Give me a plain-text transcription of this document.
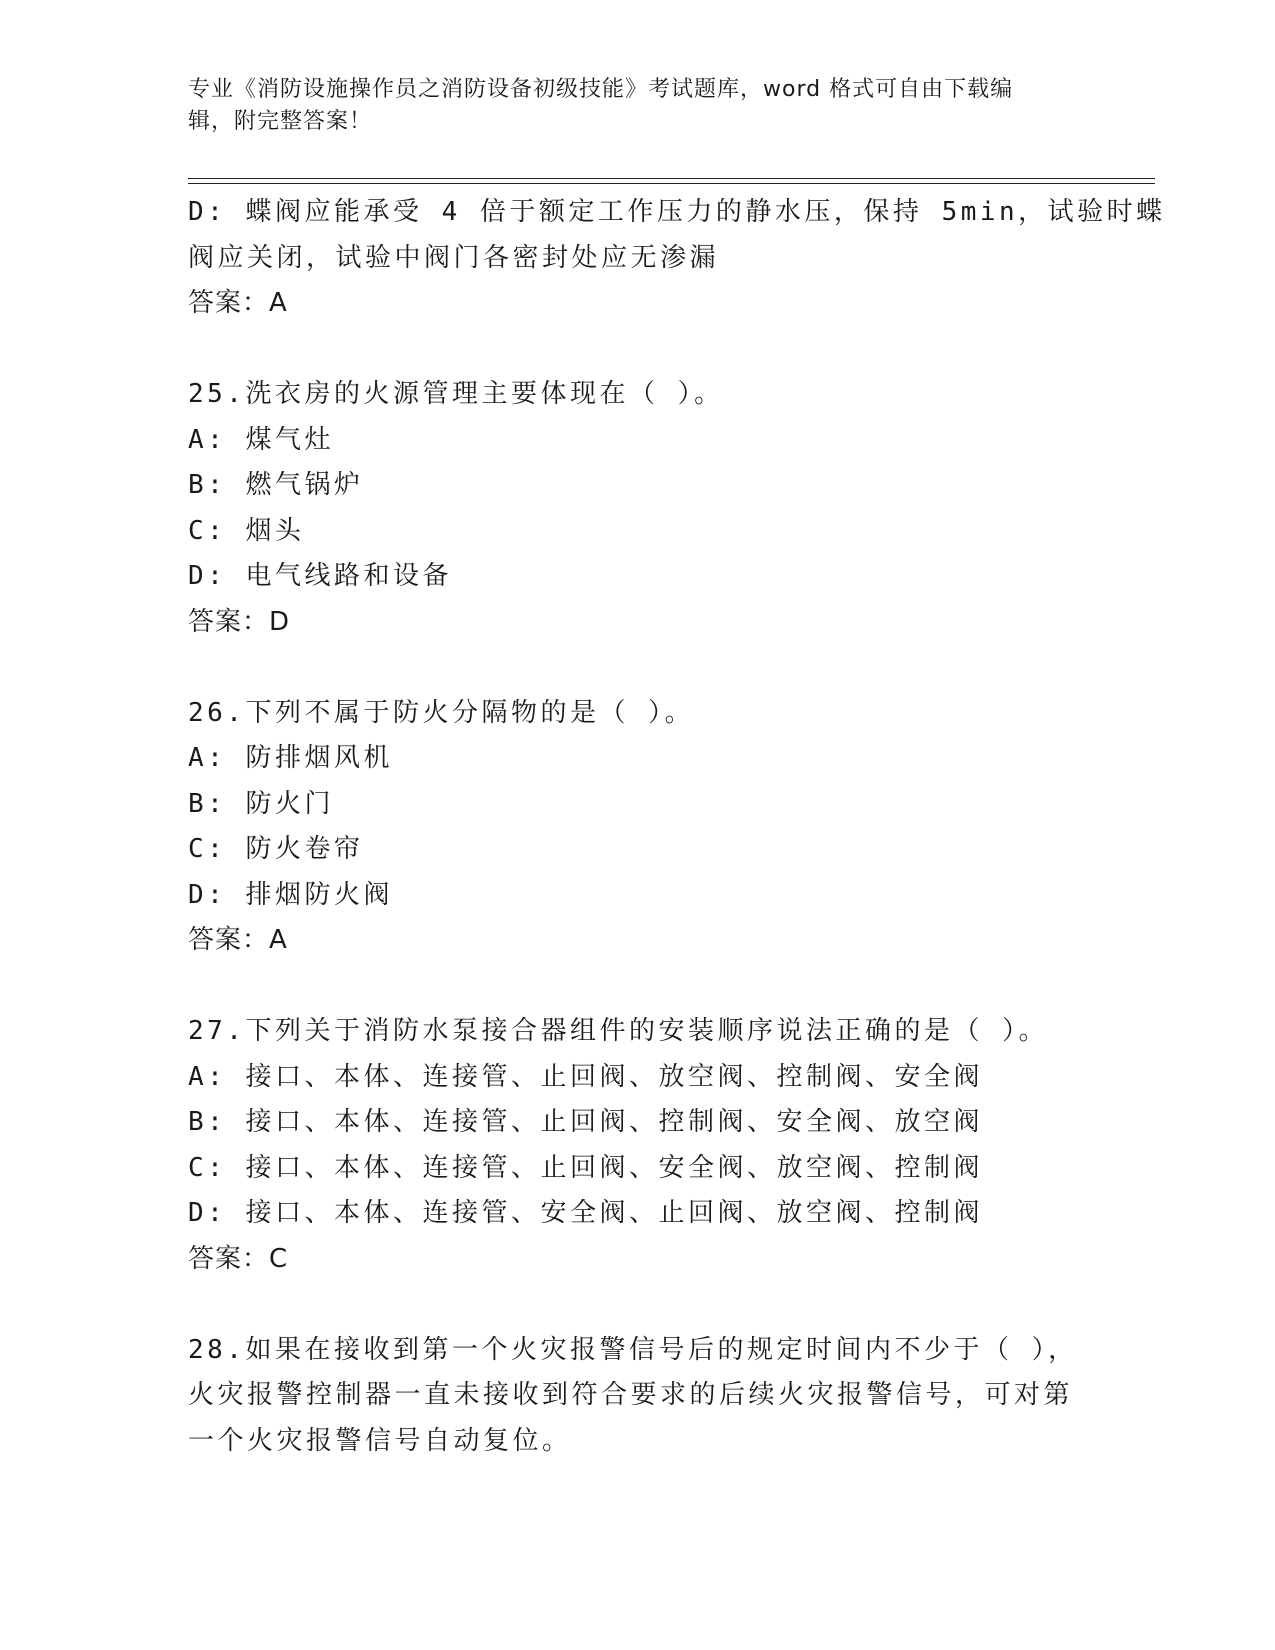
专业《消防设施操作员之消防设备初级技能》考试题库，word 格式可自由下载编
辑，附完整答案！
D: 蝶阀应能承受 4 倍于额定工作压力的静水压，保持 5min，试验时蝶
阀应关闭，试验中阀门各密封处应无渗漏
答案：A
25.洗衣房的火源管理主要体现在（ ）。
A: 煤气灶
B: 燃气锅炉
C: 烟头
D: 电气线路和设备
答案：D
26.下列不属于防火分隔物的是（ ）。
A: 防排烟风机
B: 防火门
C: 防火卷帘
D: 排烟防火阀
答案：A
27.下列关于消防水泵接合器组件的安装顺序说法正确的是（ ）。
A: 接口、本体、连接管、止回阀、放空阀、控制阀、安全阀
B: 接口、本体、连接管、止回阀、控制阀、安全阀、放空阀
C: 接口、本体、连接管、止回阀、安全阀、放空阀、控制阀
D: 接口、本体、连接管、安全阀、止回阀、放空阀、控制阀
答案：C
28.如果在接收到第一个火灾报警信号后的规定时间内不少于（ ），
火灾报警控制器一直未接收到符合要求的后续火灾报警信号，可对第
一个火灾报警信号自动复位。
